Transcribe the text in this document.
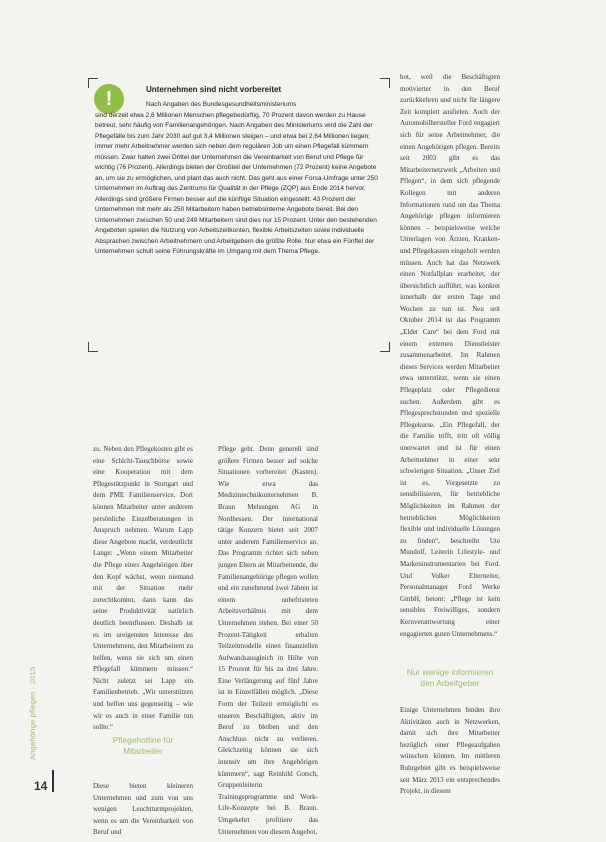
Angehörige pflegen · 2015
14
!	Unternehmen sind nicht vorbereitet
Nach Angaben des Bundesgesundheitsministeriums
sind derzeit etwa 2,6 Millionen Menschen pflegebedürftig, 70 Prozent davon werden zu Hause betreut, sehr häufig von Familienangehörigen. Nach Angaben des Ministeriums wird die Zahl der Pflegefälle bis zum Jahr 2030 auf gut 3,4 Millionen steigen – und etwa bei 2,64 Millionen liegen; immer mehr Arbeitnehmer werden sich neben dem regulären Job um einen Pflegefall kümmern müssen. Zwar halten zwei Drittel der Unternehmen die Vereinbarkeit von Beruf und Pflege für wichtig (76 Prozent). Allerdings bieten der Großteil der Unternehmen (72 Prozent) keine Angebote an, um sie zu ermöglichen, und plant das auch nicht. Das geht aus einer Forsa-Umfrage unter 250 Unternehmen im Auftrag des Zentrums für Qualität in der Pflege (ZQP) aus Ende 2014 hervor. Allerdings sind größere Firmen besser auf die künftige Situation eingestellt: 43 Prozent der Unternehmen mit mehr als 250 Mitarbeitern haben betriebsinterne Angebote bereit. Bei den Unternehmen zwischen 50 und 249 Mitarbeitern sind dies nur 15 Prozent. Unter den bestehenden Angeboten spielen die Nutzung von Arbeitszeitkonten, flexible Arbeitszeiten sowie individuelle Absprachen zwischen Arbeitnehmern und Arbeitgebern die größte Rolle. Nur etwa ein Fünftel der Unternehmen schult seine Führungskräfte im Umgang mit dem Thema Pflege.

zu. Neben den Pflegekosten gibt es eine Schicht-Tauschbörse sowie eine Kooperation mit dem Pflegestützpunkt in Stuttgart und dem PME Familienservice. Dort können Mitarbeiter unter anderem persönliche Einzelberatungen in Anspruch nehmen. Warum Lapp diese Angebote macht, verdeutlicht Lange: „Wenn einem Mitarbeiter die Pflege eines Angehörigen über den Kopf wächst, wenn niemand mit der Situation mehr zurechtkommt, dann kann das seine Produktivität natürlich deutlich beeinflussen. Deshalb ist es im ureigensten Interesse des Unternehmens, den Mitarbeitern zu helfen, wenn sie sich um einen Pflegefall kümmern müssen.“ Nicht zuletzt sei Lapp ein Familienbetrieb. „Wir unterstützen und helfen uns gegenseitig – wie wir es auch in einer Familie tun sollte.“

Pflegehotline für Mitarbeiter

Diese bieten kleineren Unternehmen und zum von uns wenigen Leuchtturmprojekten, wenn es um die Vereinbarkeit von Beruf und

Pflege geht. Denn generell sind größere Firmen besser auf solche Situationen vorbereitet (Kasten). Wie etwa das Medizintechnikunternehmen B. Braun Melsungen AG in Nordhessen. Der international tätige Konzern bietet seit 2007 unter anderem Familienservice an. Das Programm richtet sich neben jungen Eltern an Mitarbeitende, die Familienangehörige pflegen wollen und ein zunehmend zwei Jahren ist einem unbefristeten Arbeitsverhältnis mit dem Unternehmen stehen. Bei einer 50 Prozent-Tätigkeit erhalten Teilzeitmodelle einen finanziellen Aufwandsausgleich in Höhe von 15 Prozent für bis zu drei Jahre. Eine Verlängerung auf fünf Jahre ist in Einzelfällen möglich. „Diese Form der Teilzeit ermöglicht es unseren Beschäftigten, aktiv im Beruf zu bleiben und den Anschluss nicht zu verlieren. Gleichzeitig können sie sich intensiv um ihre Angehörigen kümmern“, sagt Reinhild Gotsch, Gruppenleiterin Trainingsprogramme und Work-Life-Konzepte bei B. Braun. Umgekehrt profitiere das Unternehmen von diesem Angebot,

bot, weil die Beschäftigten motivierter in den Beruf zurückkehren und nicht für längere Zeit komplett ausfielen. Auch der Automobilhersteller Ford engagiert sich für seine Arbeitnehmer, die einen Angehörigen pflegen. Bereits seit 2003 gibt es das Mitarbeiternetzwerk „Arbeiten und Pflegen“, in dem sich pflegende Kollegen mit anderen Informationen rund um das Thema Angehörige pflegen informieren können – beispielsweise welche Unterlagen von Ärzten, Kranken- und Pflegekassen eingeholt werden müssen. Auch hat das Netzwerk einen Notfallplan erarbeitet, der übersichtlich aufführt, was konkret innerhalb der ersten Tage und Wochen zu tun ist. Neu seit Oktober 2014 ist das Programm „Elder Care“ bei dem Ford mit einem externen Dienstleister zusammenarbeitet. Im Rahmen dieses Services werden Mitarbeiter etwa unterstützt, wenn sie einen Pflegeplatz oder Pflegedienst suchen. Außerdem gibt es Pflegesprechstunden und spezielle Pflegekurse. „Ein Pflegefall, der die Familie trifft, tritt oft völlig unerwartet und ist für einen Arbeitnehmer in einer sehr schwierigen Situation. „Unser Ziel ist es, Vorgesetzte zu sensibilisieren, für betriebliche Möglichkeiten im Rahmen der betrieblichen Möglichkeiten flexible und individuelle Lösungen zu finden“, beschreibt Ute Mundolf, Leiterin Lifestyle- und Markeninstrumentarien bei Ford. Und Volker Elterneiter, Personalmanager Ford Werke GmbH, betont: „Pflege ist kein sensibles Freiwilliges, sondern Kernverantwortung einer engagierten guten Unternehmens.“

Nur wenige informieren den Arbeitgeber

Einige Unternehmen binden ihre Aktivitäten auch in Netzwerken, damit sich ihre Mitarbeiter bezüglich einer Pflegeaufgaben wünschen können. Im mittleren Ruhrgebiet gibt es beispielsweise seit März 2013 ein entsprechendes Projekt, in diesem
